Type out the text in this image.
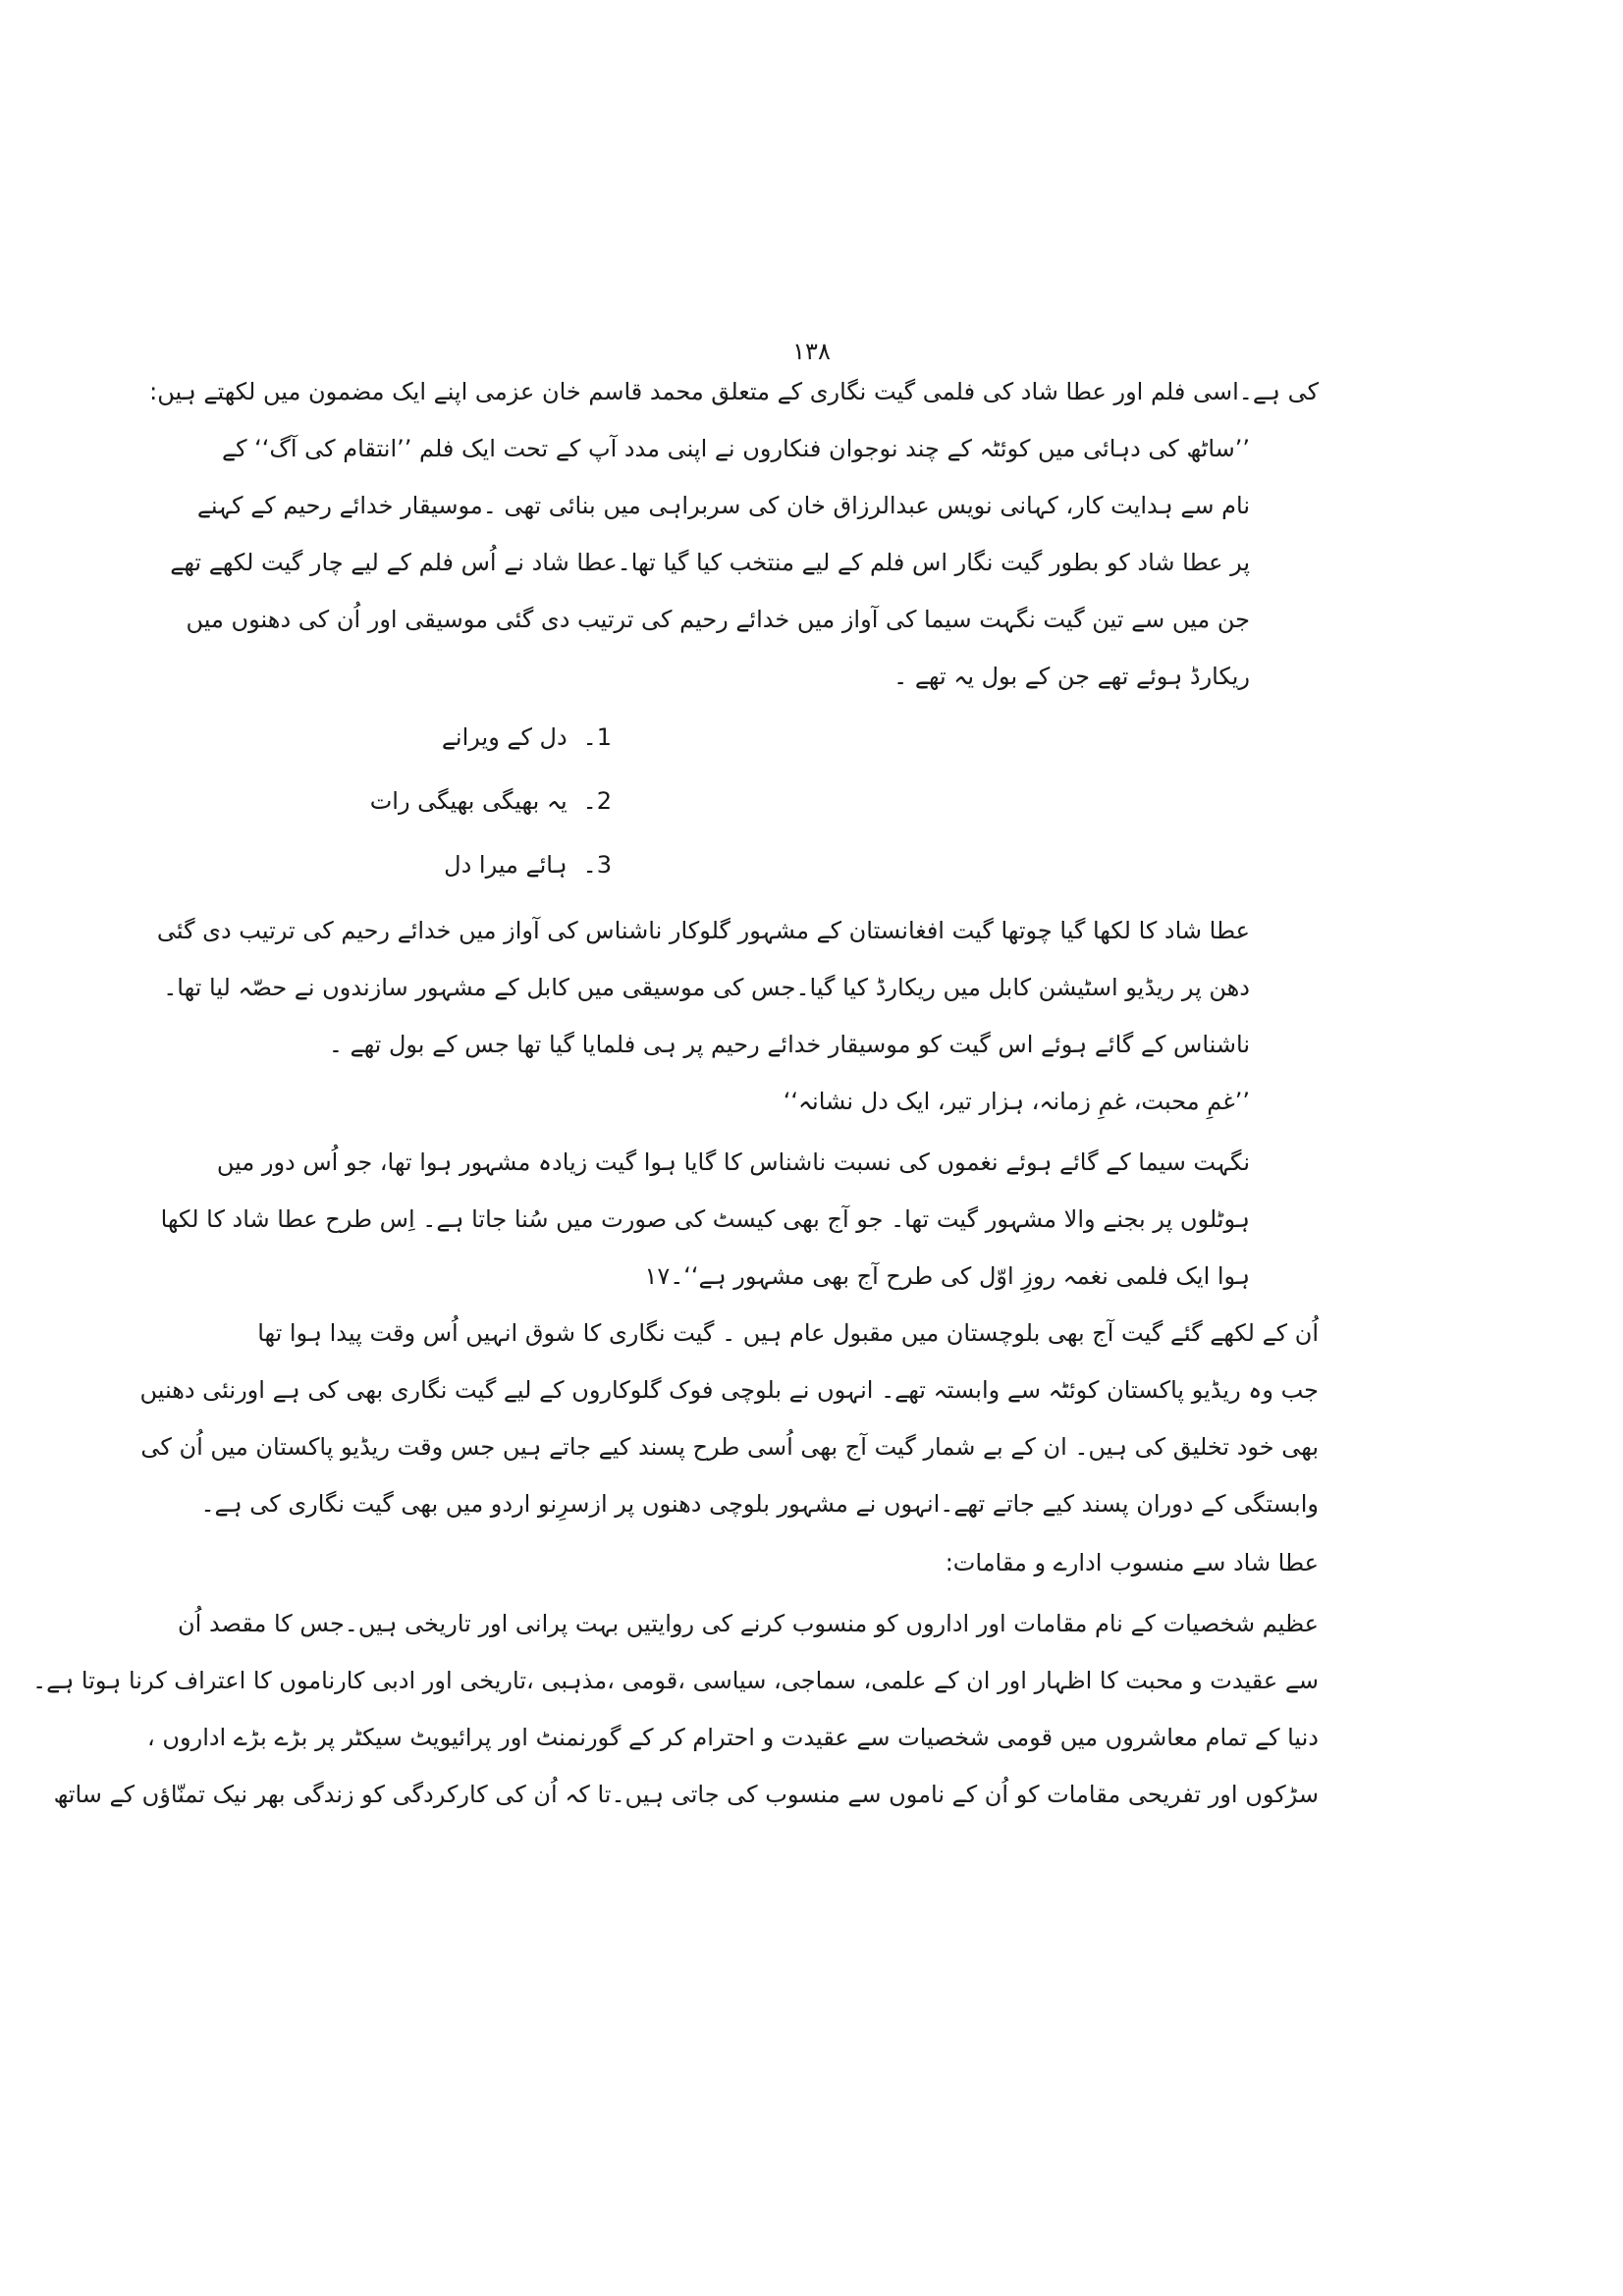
۱۳۸
کی ہے۔اسی فلم اور عطا شاد کی فلمی گیت نگاری کے متعلق محمد قاسم خان عزمی اپنے ایک مضمون میں لکھتے ہیں:
’’ساٹھ کی دہائی میں کوئٹہ کے چند نوجوان فنکاروں نے اپنی مدد آپ کے تحت ایک فلم ’’انتقام کی آگ‘‘ کے
نام سے ہدایت کار، کہانی نویس عبدالرزاق خان کی سربراہی میں بنائی تھی ۔موسیقار خدائے رحیم کے کہنے
پر عطا شاد کو بطور گیت نگار اس فلم کے لیے منتخب کیا گیا تھا۔عطا شاد نے اُس فلم کے لیے چار گیت لکھے تھے
جن میں سے تین گیت نگہت سیما کی آواز میں خدائے رحیم کی ترتیب دی گئی موسیقی اور اُن کی دھنوں میں
ریکارڈ ہوئے تھے جن کے بول یہ تھے ۔
1۔دل کے ویرانے
2۔یہ بھیگی بھیگی رات
3۔ہائے میرا دل
عطا شاد کا لکھا گیا چوتھا گیت افغانستان کے مشہور گلوکار ناشناس کی آواز میں خدائے رحیم کی ترتیب دی گئی
دھن پر ریڈیو اسٹیشن کابل میں ریکارڈ کیا گیا۔جس کی موسیقی میں کابل کے مشہور سازندوں نے حصّہ لیا تھا۔
ناشناس کے گائے ہوئے اس گیت کو موسیقار خدائے رحیم پر ہی فلمایا گیا تھا جس کے بول تھے ۔
’’غمِ محبت، غمِ زمانہ، ہزار تیر، ایک دل نشانہ‘‘
نگہت سیما کے گائے ہوئے نغموں کی نسبت ناشناس کا گایا ہوا گیت زیادہ مشہور ہوا تھا، جو اُس دور میں
ہوٹلوں پر بجنے والا مشہور گیت تھا۔ جو آج بھی کیسٹ کی صورت میں سُنا جاتا ہے۔ اِس طرح عطا شاد کا لکھا
ہوا ایک فلمی نغمہ روزِ اوّل کی طرح آج بھی مشہور ہے‘‘۔۱۷
اُن کے لکھے گئے گیت آج بھی بلوچستان میں مقبول عام ہیں ۔ گیت نگاری کا شوق انہیں اُس وقت پیدا ہوا تھا
جب وہ ریڈیو پاکستان کوئٹہ سے وابستہ تھے۔ انہوں نے بلوچی فوک گلوکاروں کے لیے گیت نگاری بھی کی ہے اورنئی دھنیں
بھی خود تخلیق کی ہیں۔ ان کے بے شمار گیت آج بھی اُسی طرح پسند کیے جاتے ہیں جس وقت ریڈیو پاکستان میں اُن کی
وابستگی کے دوران پسند کیے جاتے تھے۔انہوں نے مشہور بلوچی دھنوں پر ازسرِنو اردو میں بھی گیت نگاری کی ہے۔
عطا شاد سے منسوب ادارے و مقامات:
عظیم شخصیات کے نام مقامات اور اداروں کو منسوب کرنے کی روایتیں بہت پرانی اور تاریخی ہیں۔جس کا مقصد اُن
سے عقیدت و محبت کا اظہار اور ان کے علمی، سماجی، سیاسی ،قومی ،مذہبی ،تاریخی اور ادبی کارناموں کا اعتراف کرنا ہوتا ہے۔
دنیا کے تمام معاشروں میں قومی شخصیات سے عقیدت و احترام کر کے گورنمنٹ اور پرائیویٹ سیکٹر پر بڑے بڑے اداروں ،
سڑکوں اور تفریحی مقامات کو اُن کے ناموں سے منسوب کی جاتی ہیں۔تا کہ اُن کی کارکردگی کو زندگی بھر نیک تمنّاؤں کے ساتھ
